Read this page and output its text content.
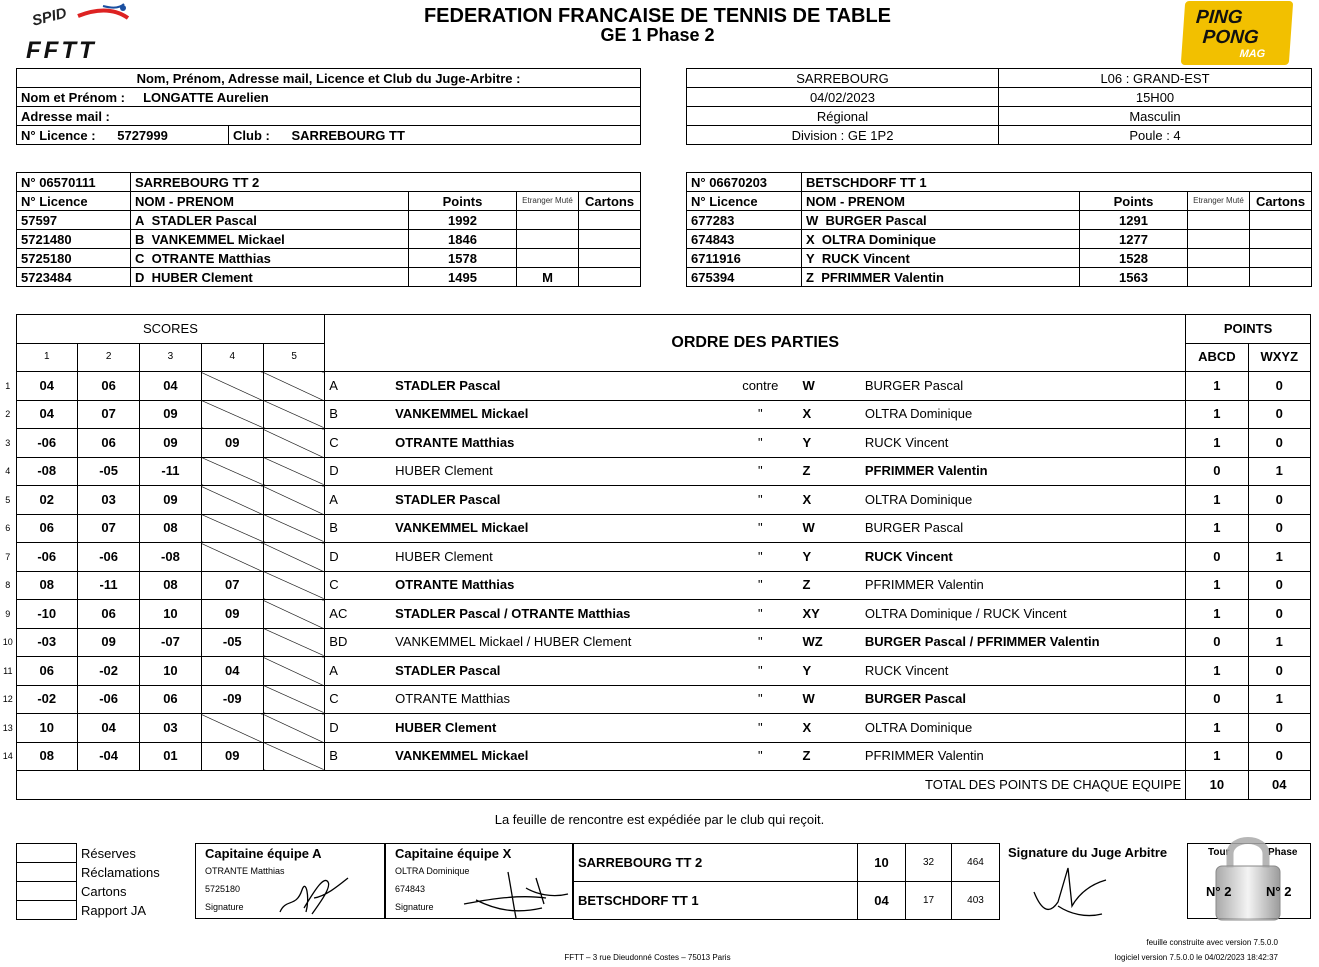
SPID
FFTT
FEDERATION FRANCAISE DE TENNIS DE TABLE
GE 1 Phase 2
PING
PONG
MAG
Nom, Prénom, Adresse mail, Licence et Club du Juge-Arbitre :
Nom et Prénom : LONGATTE Aurelien
Adresse mail :
N° Licence : 5727999	Club : SARREBOURG TT
SARREBOURG	L06 : GRAND-EST
04/02/2023	15H00
Régional	Masculin
Division : GE 1P2	Poule : 4
N° 06570111	SARREBOURG TT 2			
N° Licence	NOM - PRENOM	Points	Etranger Muté	Cartons
57597	A STADLER Pascal	1992		
5721480	B VANKEMMEL Mickael	1846		
5725180	C OTRANTE Matthias	1578		
5723484	D HUBER Clement	1495	M	
N° 06670203	BETSCHDORF TT 1			
N° Licence	NOM - PRENOM	Points	Etranger Muté	Cartons
677283	W BURGER Pascal	1291		
674843	X OLTRA Dominique	1277		
6711916	Y RUCK Vincent	1528		
675394	Z PFRIMMER Valentin	1563		
	SCORES					ORDRE DES PARTIES					POINTS	
	1	2	3	4	5						ABCD	WXYZ
1	04	06	04			A	STADLER Pascal	contre	W	BURGER Pascal	1	0
2	04	07	09			B	VANKEMMEL Mickael	"	X	OLTRA Dominique	1	0
3	-06	06	09	09		C	OTRANTE Matthias	"	Y	RUCK Vincent	1	0
4	-08	-05	-11			D	HUBER Clement	"	Z	PFRIMMER Valentin	0	1
5	02	03	09			A	STADLER Pascal	"	X	OLTRA Dominique	1	0
6	06	07	08			B	VANKEMMEL Mickael	"	W	BURGER Pascal	1	0
7	-06	-06	-08			D	HUBER Clement	"	Y	RUCK Vincent	0	1
8	08	-11	08	07		C	OTRANTE Matthias	"	Z	PFRIMMER Valentin	1	0
9	-10	06	10	09		AC	STADLER Pascal / OTRANTE Matthias	"	XY	OLTRA Dominique / RUCK Vincent	1	0
10	-03	09	-07	-05		BD	VANKEMMEL Mickael / HUBER Clement	"	WZ	BURGER Pascal / PFRIMMER Valentin	0	1
11	06	-02	10	04		A	STADLER Pascal	"	Y	RUCK Vincent	1	0
12	-02	-06	06	-09		C	OTRANTE Matthias	"	W	BURGER Pascal	0	1
13	10	04	03			D	HUBER Clement	"	X	OLTRA Dominique	1	0
14	08	-04	01	09		B	VANKEMMEL Mickael	"	Z	PFRIMMER Valentin	1	0
	TOTAL DES POINTS DE CHAQUE EQUIPE										10	04
La feuille de rencontre est expédiée par le club qui reçoit.
	Réserves
	Réclamations
	Cartons
	Rapport JA
Capitaine équipe A
OTRANTE Matthias
5725180
Signature
Capitaine équipe X
OLTRA Dominique
674843
Signature
SARREBOURG TT 2	10	32	464
BETSCHDORF TT 1	04	17	403
Signature du Juge Arbitre	Tour	Phase
N° 2	N° 2
feuille construite avec version 7.5.0.0
FFTT – 3 rue Dieudonné Costes – 75013 Paris	logiciel version 7.5.0.0 le 04/02/2023 18:42:37
